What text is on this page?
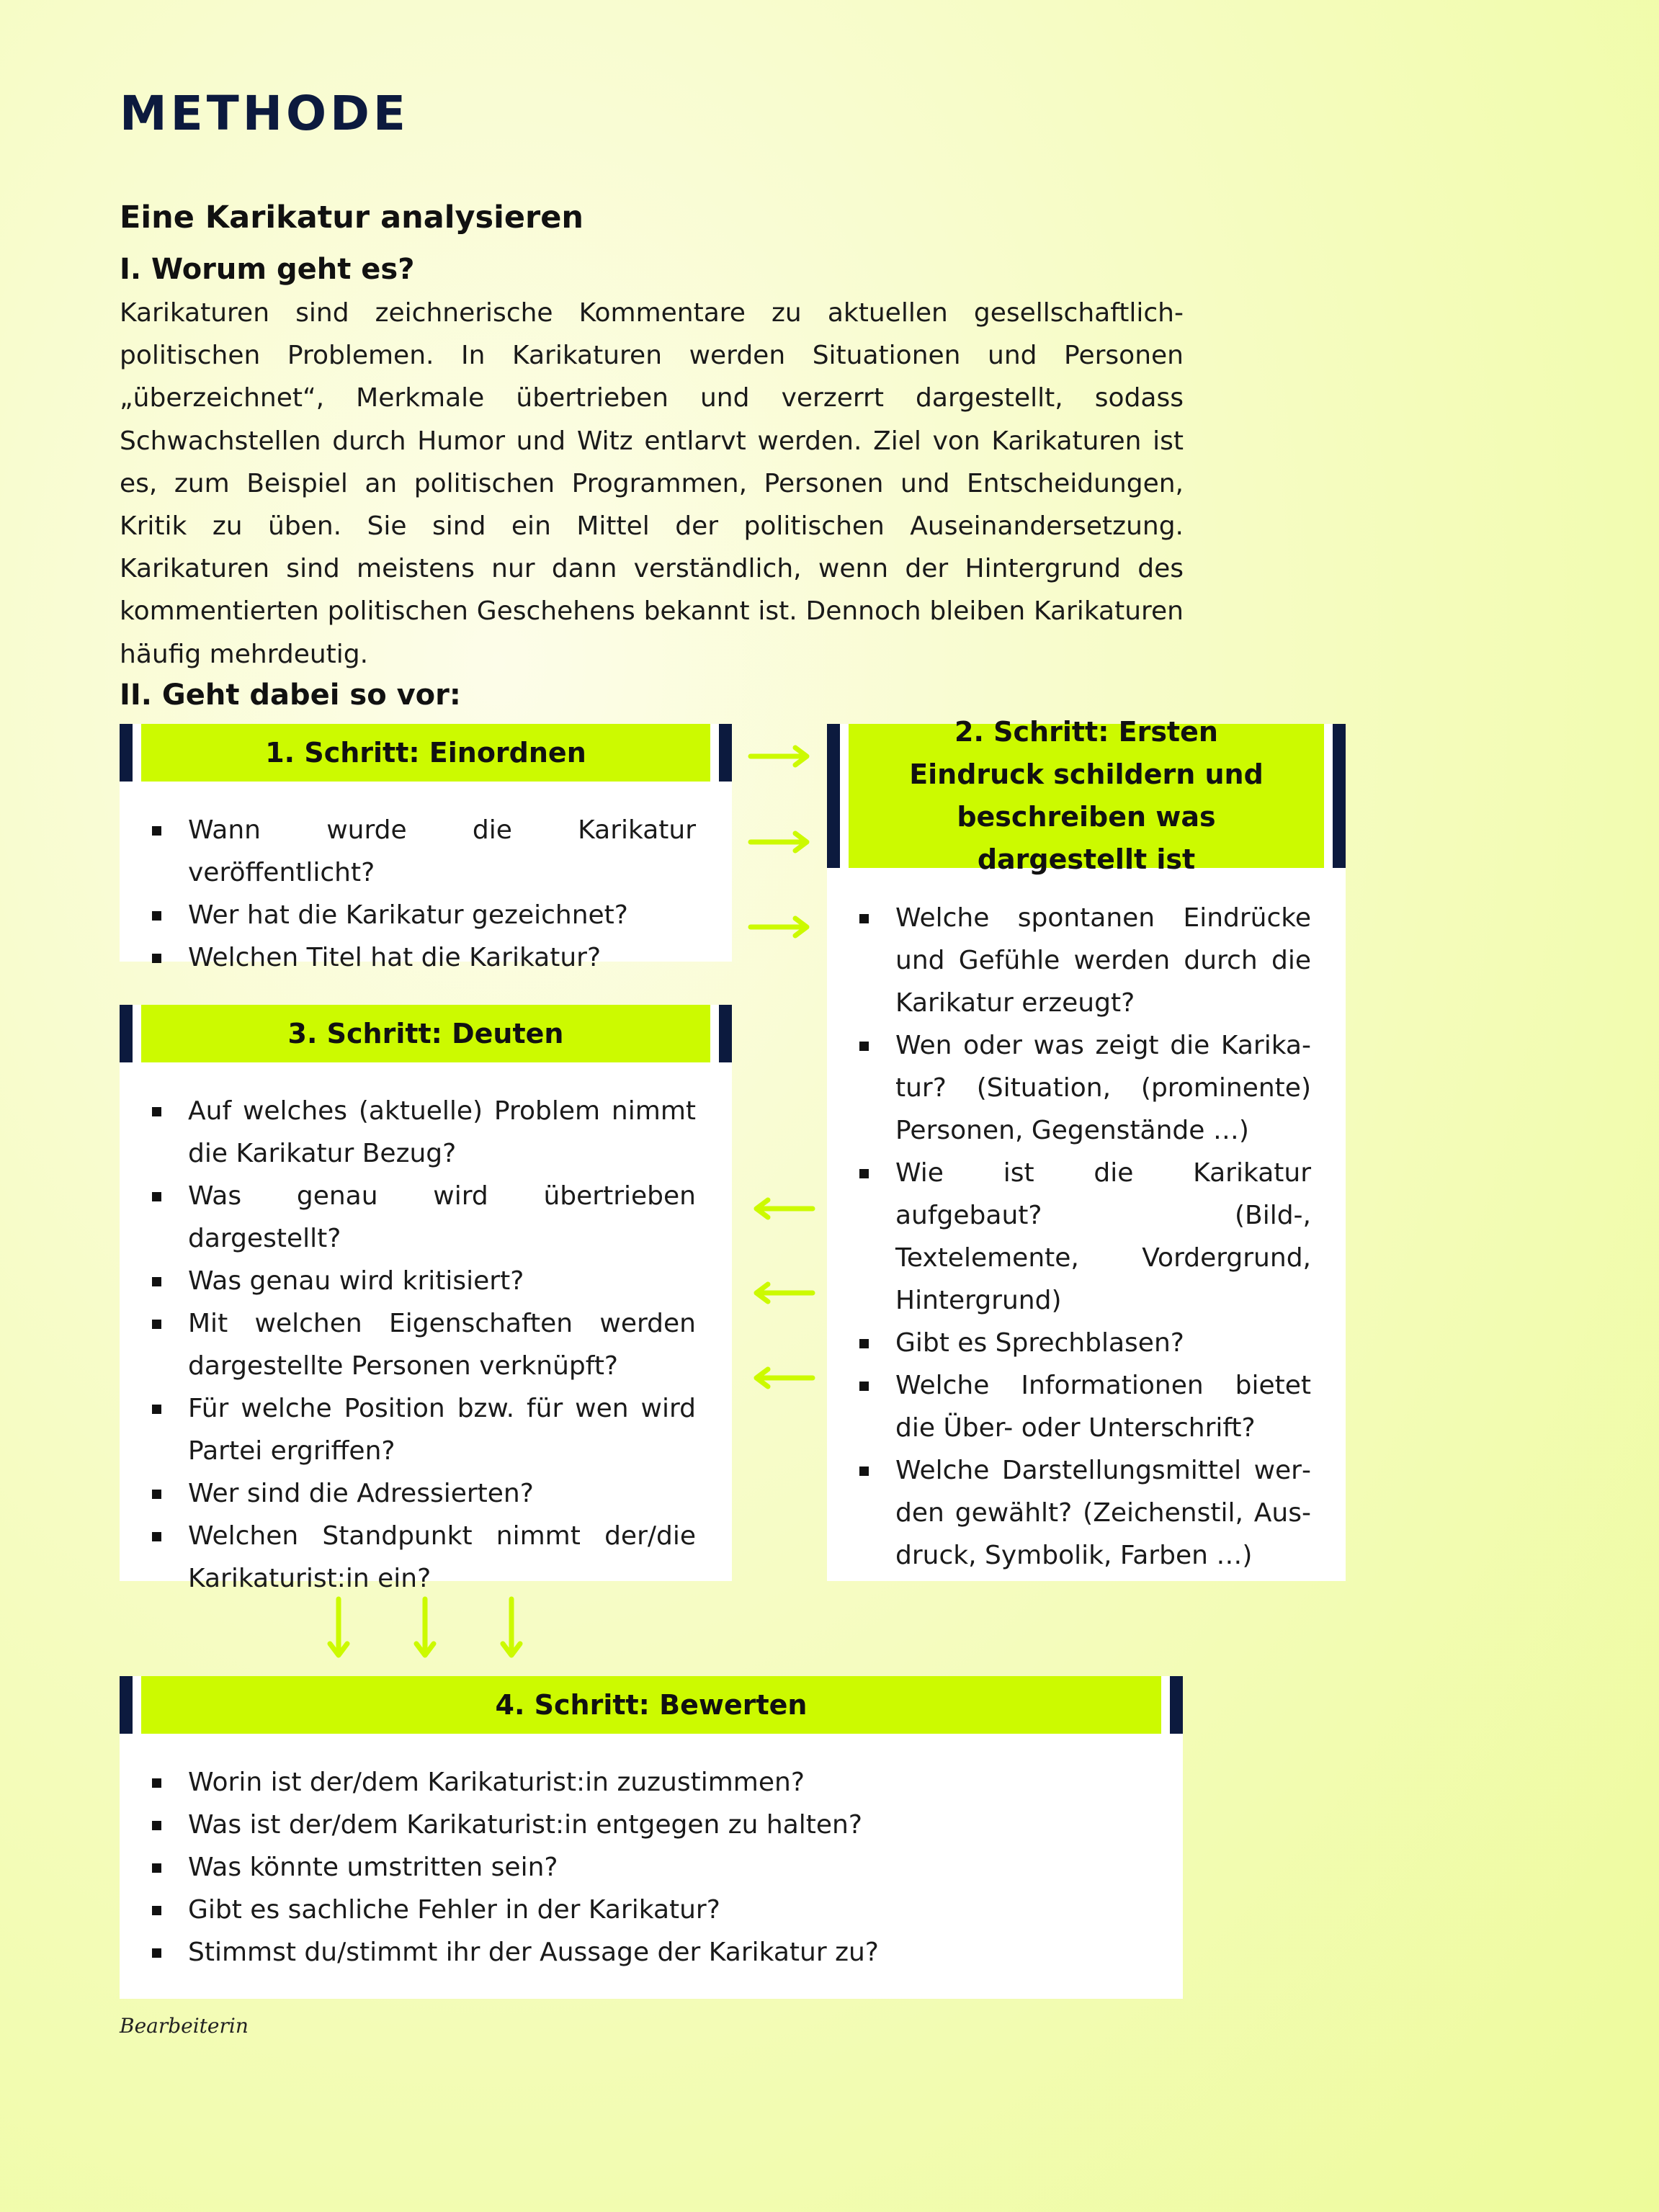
METHODE
Eine Karikatur analysieren
I. Worum geht es?
Karikaturen sind zeichnerische Kommentare zu aktuellen gesellschaftlich-politischen Problemen. In Karikaturen werden Situationen und Personen „überzeichnet“, Merkmale übertrieben und verzerrt dargestellt, sodass Schwachstellen durch Humor und Witz entlarvt werden. Ziel von Karikaturen ist es, zum Beispiel an politischen Programmen, Personen und Entscheidungen, Kritik zu üben. Sie sind ein Mittel der politischen Auseinandersetzung. Karikaturen sind meistens nur dann verständlich, wenn der Hintergrund des kommentierten politischen Geschehens bekannt ist. Dennoch bleiben Karikaturen häufig mehrdeutig.
II. Geht dabei so vor:
1. Schritt: Einordnen
Wann wurde die Karikatur veröffentlicht?
Wer hat die Karikatur gezeichnet?
Welchen Titel hat die Karikatur?
2. Schritt: Ersten Eindruck schildern und beschreiben was dargestellt ist
Welche spontanen Eindrücke und Gefühle werden durch die Karikatur erzeugt?
Wen oder was zeigt die Karikatur? (Situation, (prominente) Personen, Gegenstände …)
Wie ist die Karikatur aufgebaut? (Bild-, Textelemente, Vordergrund, Hintergrund)
Gibt es Sprechblasen?
Welche Informationen bietet die Über- oder Unterschrift?
Welche Darstellungsmittel werden gewählt? (Zeichenstil, Ausdruck, Symbolik, Farben …)
3. Schritt: Deuten
Auf welches (aktuelle) Problem nimmt die Karikatur Bezug?
Was genau wird übertrieben dargestellt?
Was genau wird kritisiert?
Mit welchen Eigenschaften werden dargestellte Personen verknüpft?
Für welche Position bzw. für wen wird Partei ergriffen?
Wer sind die Adressierten?
Welchen Standpunkt nimmt der/die Karikaturist:in ein?
4. Schritt: Bewerten
Worin ist der/dem Karikaturist:in zuzustimmen?
Was ist der/dem Karikaturist:in entgegen zu halten?
Was könnte umstritten sein?
Gibt es sachliche Fehler in der Karikatur?
Stimmst du/stimmt ihr der Aussage der Karikatur zu?
Bearbeiterin
